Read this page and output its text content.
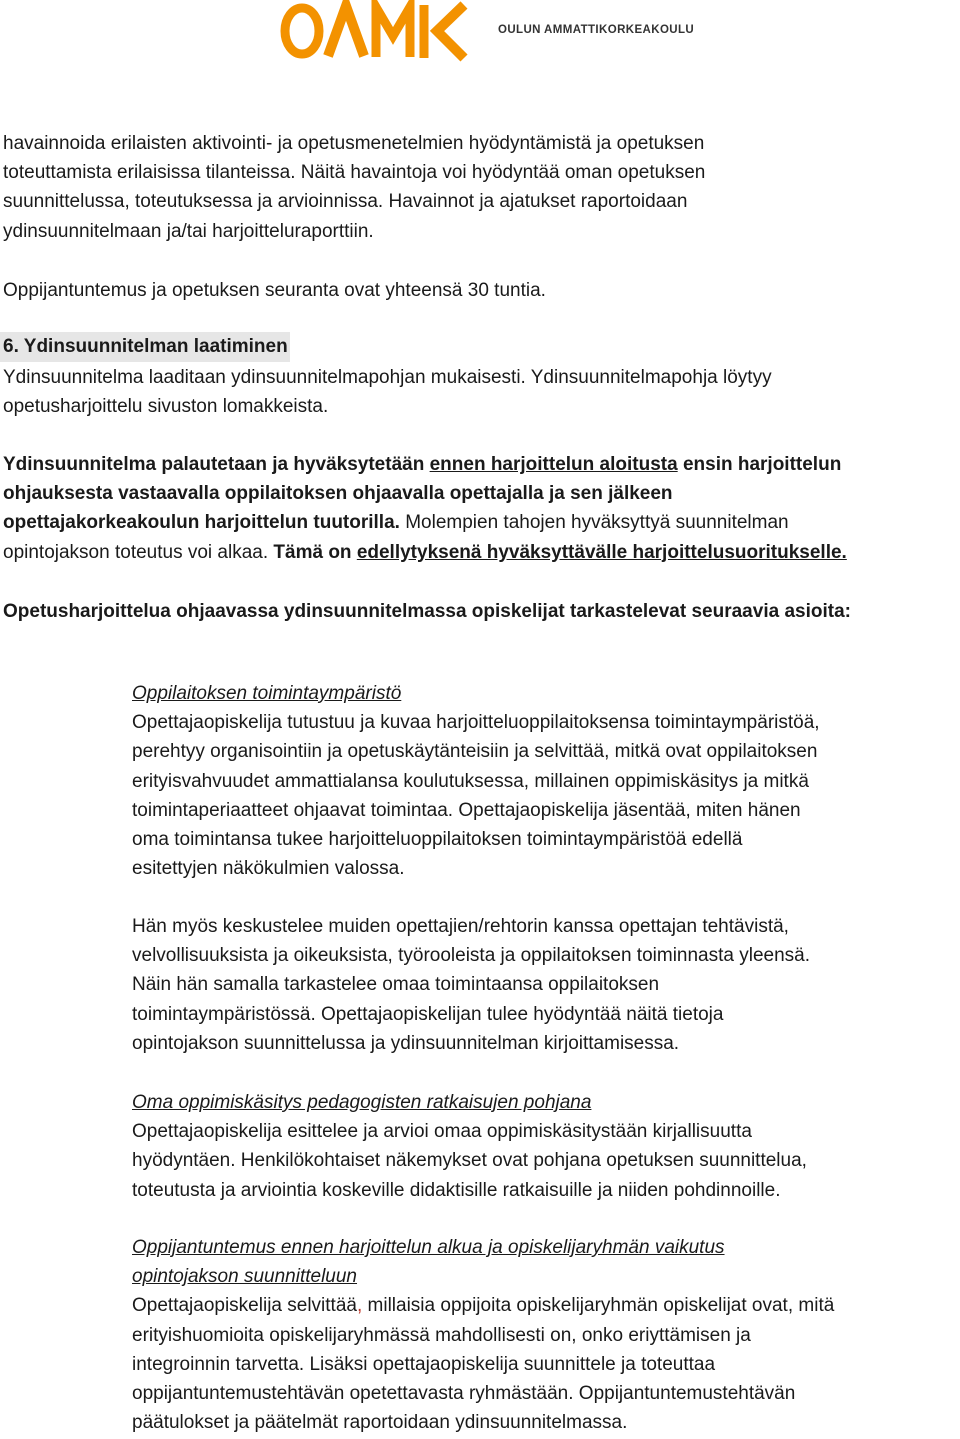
OULUN AMMATTIKORKEAKOULU

havainnoida erilaisten aktivointi- ja opetusmenetelmien hyödyntämistä ja opetuksen

toteuttamista erilaisissa tilanteissa. Näitä havaintoja voi hyödyntää oman opetuksen

suunnittelussa, toteutuksessa ja arvioinnissa. Havainnot ja ajatukset raportoidaan

ydinsuunnitelmaan ja/tai harjoitteluraporttiin.

Oppijantuntemus ja opetuksen seuranta ovat yhteensä 30 tuntia.
6. Ydinsuunnitelman laatiminen

Ydinsuunnitelma laaditaan ydinsuunnitelmapohjan mukaisesti. Ydinsuunnitelmapohja löytyy

opetusharjoittelu sivuston lomakkeista.

Ydinsuunnitelma palautetaan ja hyväksytetään ennen harjoittelun aloitusta ensin harjoittelun

ohjauksesta vastaavalla oppilaitoksen ohjaavalla opettajalla ja sen jälkeen

opettajakorkeakoulun harjoittelun tuutorilla. Molempien tahojen hyväksyttyä suunnitelman

opintojakson toteutus voi alkaa. Tämä on edellytyksenä hyväksyttävälle harjoittelusuoritukselle.

Opetusharjoittelua ohjaavassa ydinsuunnitelmassa opiskelijat tarkastelevat seuraavia asioita:

Oppilaitoksen toimintaympäristö

Opettajaopiskelija tutustuu ja kuvaa harjoitteluoppilaitoksensa toimintaympäristöä,

perehtyy organisointiin ja opetuskäytänteisiin ja selvittää, mitkä ovat oppilaitoksen

erityisvahvuudet ammattialansa koulutuksessa, millainen oppimiskäsitys ja mitkä

toimintaperiaatteet ohjaavat toimintaa. Opettajaopiskelija jäsentää, miten hänen

oma toimintansa tukee harjoitteluoppilaitoksen toimintaympäristöä edellä

esitettyjen näkökulmien valossa.

Hän myös keskustelee muiden opettajien/rehtorin kanssa opettajan tehtävistä,

velvollisuuksista ja oikeuksista, työrooleista ja oppilaitoksen toiminnasta yleensä.

Näin hän samalla tarkastelee omaa toimintaansa oppilaitoksen

toimintaympäristössä. Opettajaopiskelijan tulee hyödyntää näitä tietoja

opintojakson suunnittelussa ja ydinsuunnitelman kirjoittamisessa.

Oma oppimiskäsitys pedagogisten ratkaisujen pohjana

Opettajaopiskelija esittelee ja arvioi omaa oppimiskäsitystään kirjallisuutta

hyödyntäen. Henkilökohtaiset näkemykset ovat pohjana opetuksen suunnittelua,

toteutusta ja arviointia koskeville didaktisille ratkaisuille ja niiden pohdinnoille.

Oppijantuntemus ennen harjoittelun alkua ja opiskelijaryhmän vaikutus

opintojakson suunnitteluun

Opettajaopiskelija selvittää, millaisia oppijoita opiskelijaryhmän opiskelijat ovat, mitä

erityishuomioita opiskelijaryhmässä mahdollisesti on, onko eriyttämisen ja

integroinnin tarvetta. Lisäksi opettajaopiskelija suunnittele ja toteuttaa

oppijantuntemustehtävän opetettavasta ryhmästään. Oppijantuntemustehtävän

päätulokset ja päätelmät raportoidaan ydinsuunnitelmassa.
